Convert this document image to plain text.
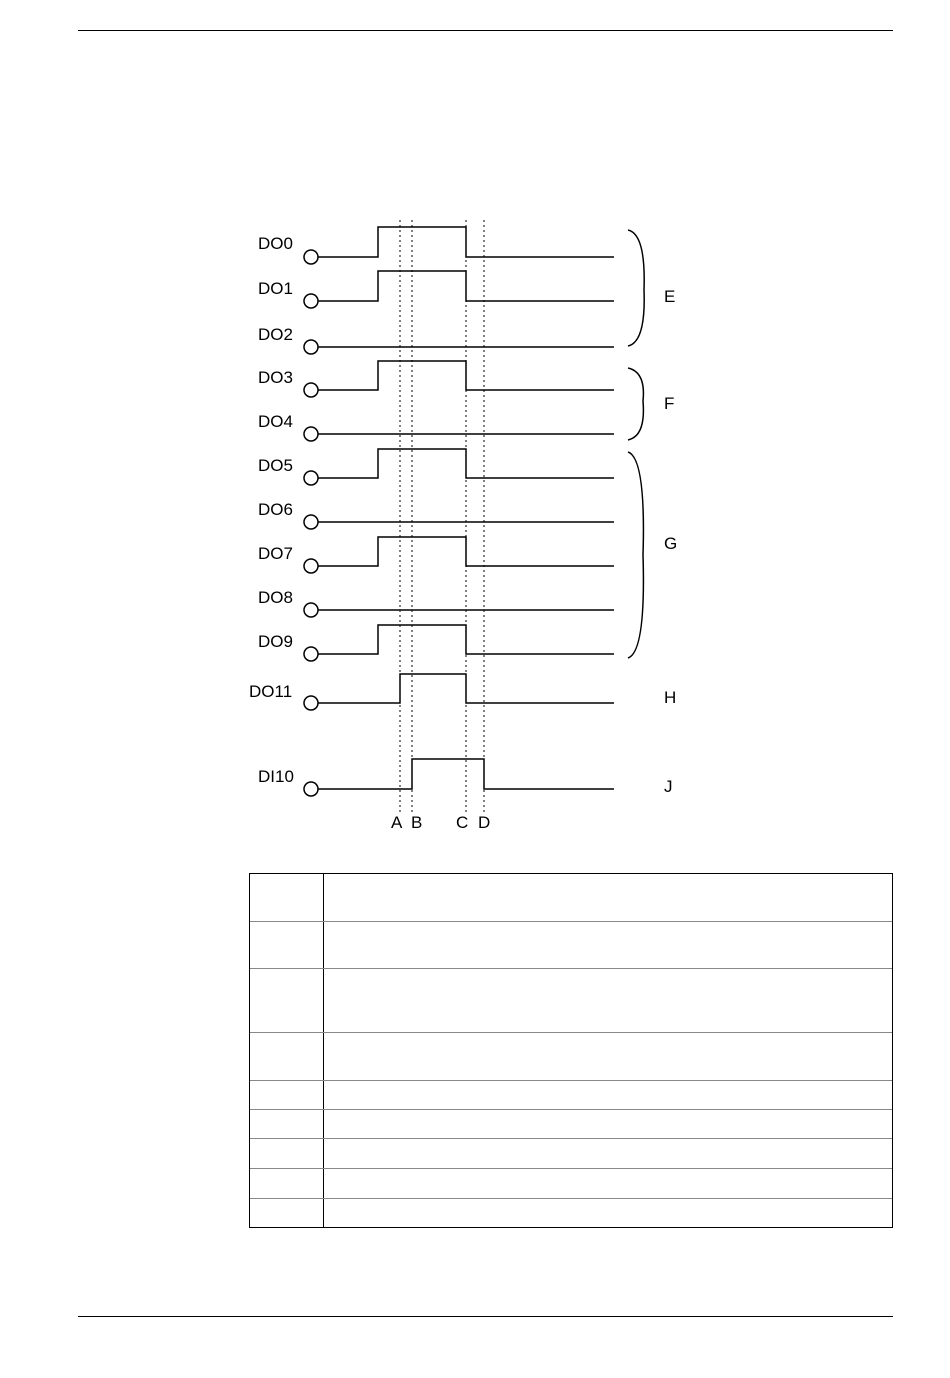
DO0
DO1
DO2
DO3
DO4
DO5
DO6
DO7
DO8
DO9
DO11
DI10
E
F
G
H
J
A B C D
